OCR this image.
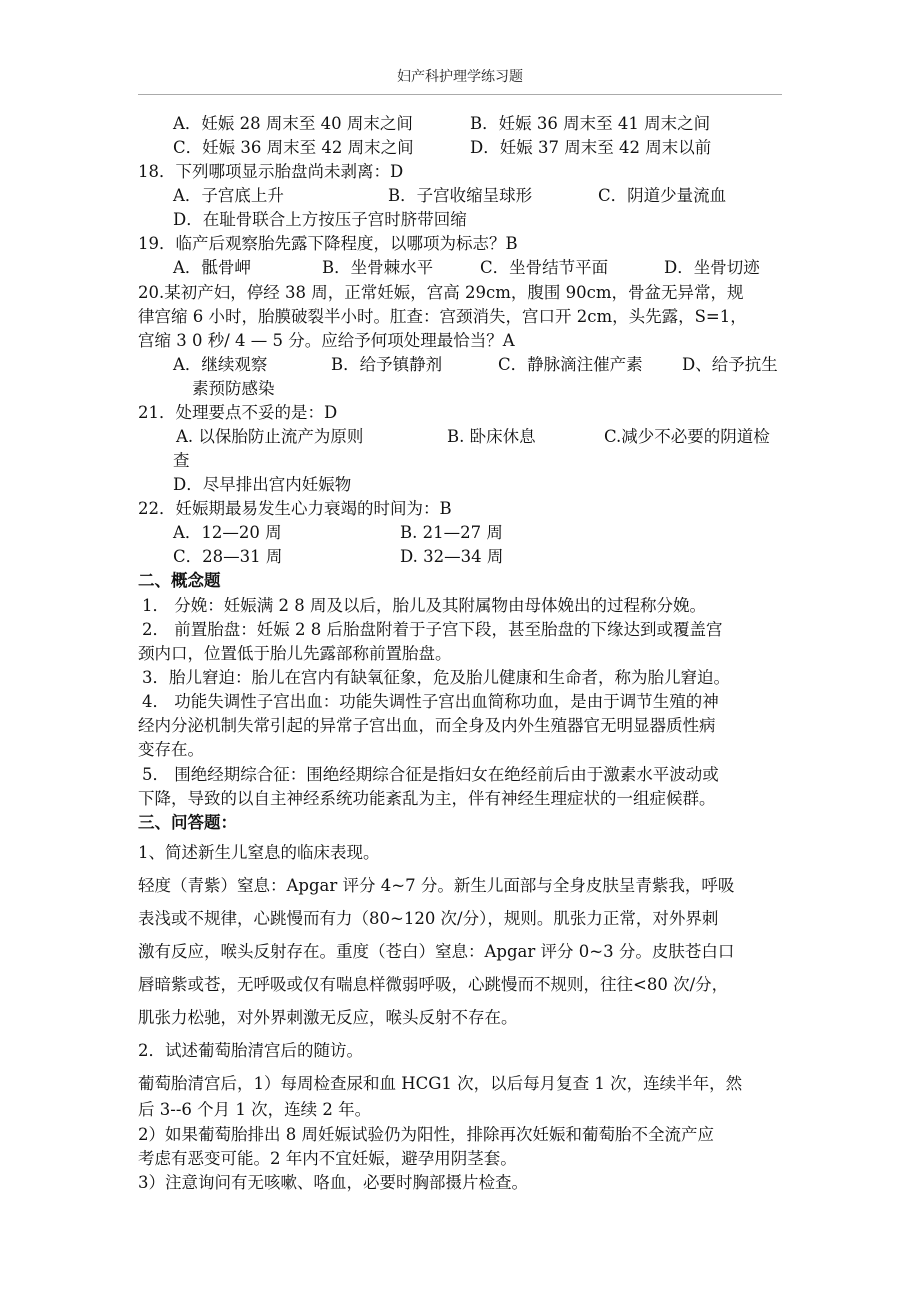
妇产科护理学练习题
A．妊娠 28 周末至 40 周末之间	B．妊娠 36 周末至 41 周末之间
C．妊娠 36 周末至 42 周末之间	D．妊娠 37 周末至 42 周末以前
18．下列哪项显示胎盘尚未剥离：D
A．子宫底上升	B．子宫收缩呈球形	C．阴道少量流血
D．在耻骨联合上方按压子宫时脐带回缩
19．临产后观察胎先露下降程度，以哪项为标志？B
A．骶骨岬	B．坐骨棘水平	C．坐骨结节平面	D．坐骨切迹
20.某初产妇，停经 38 周，正常妊娠，宫高 29cm，腹围 90cm，骨盆无异常，规
律宫缩 6 小时，胎膜破裂半小时。肛查：宫颈消失，宫口开 2cm，头先露，S=1，
宫缩 3 0 秒/ 4 — 5 分。应给予何项处理最恰当？A
A．继续观察	B．给予镇静剂	C．静脉滴注催产素 D、给予抗生
素预防感染
21．处理要点不妥的是：D
A. 以保胎防止流产为原则	B. 卧床休息	C.减少不必要的阴道检
查
D．尽早排出宫内妊娠物
22．妊娠期最易发生心力衰竭的时间为：B
A．12—20 周	B. 21—27 周
C．28—31 周	D. 32—34 周
二、概念题
1． 分娩：妊娠满 2 8 周及以后，胎儿及其附属物由母体娩出的过程称分娩。
2． 前置胎盘：妊娠 2 8 后胎盘附着于子宫下段，甚至胎盘的下缘达到或覆盖宫
颈内口，位置低于胎儿先露部称前置胎盘。
3．胎儿窘迫：胎儿在宫内有缺氧征象，危及胎儿健康和生命者，称为胎儿窘迫。
4． 功能失调性子宫出血：功能失调性子宫出血简称功血，是由于调节生殖的神
经内分泌机制失常引起的异常子宫出血，而全身及内外生殖器官无明显器质性病
变存在。
5． 围绝经期综合征：围绝经期综合征是指妇女在绝经前后由于激素水平波动或
下降，导致的以自主神经系统功能紊乱为主，伴有神经生理症状的一组症候群。
三、问答题：
1、简述新生儿窒息的临床表现。
轻度（青紫）窒息：Apgar 评分 4~7 分。新生儿面部与全身皮肤呈青紫我，呼吸
表浅或不规律，心跳慢而有力（80~120 次/分），规则。肌张力正常，对外界刺
激有反应，喉头反射存在。重度（苍白）窒息：Apgar 评分 0~3 分。皮肤苍白口
唇暗紫或苍，无呼吸或仅有喘息样微弱呼吸，心跳慢而不规则，往往<80 次/分，
肌张力松驰，对外界刺激无反应，喉头反射不存在。
2．试述葡萄胎清宫后的随访。
葡萄胎清宫后，1）每周检查尿和血 HCG1 次，以后每月复查 1 次，连续半年，然
后 3--6 个月 1 次，连续 2 年。
2）如果葡萄胎排出 8 周妊娠试验仍为阳性，排除再次妊娠和葡萄胎不全流产应
考虑有恶变可能。2 年内不宜妊娠，避孕用阴茎套。
3）注意询问有无咳嗽、咯血，必要时胸部摄片检查。
